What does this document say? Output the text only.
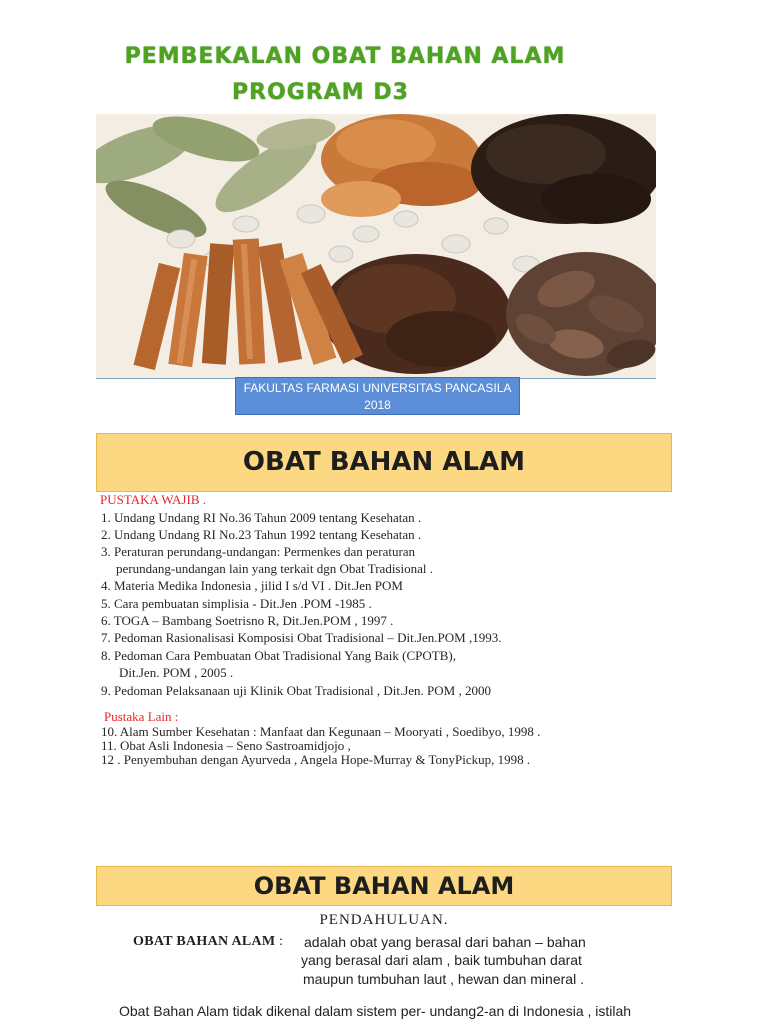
PEMBEKALAN OBAT BAHAN ALAM
PROGRAM D3
FAKULTAS FARMASI UNIVERSITAS PANCASILA
2018
OBAT BAHAN ALAM
PUSTAKA WAJIB .
1. Undang Undang RI No.36 Tahun 2009 tentang Kesehatan .
2. Undang Undang RI No.23 Tahun 1992 tentang Kesehatan .
3. Peraturan perundang-undangan: Permenkes dan peraturan
perundang-undangan lain yang terkait dgn Obat Tradisional .
4. Materia Medika Indonesia , jilid I s/d VI . Dit.Jen POM
5. Cara pembuatan simplisia - Dit.Jen .POM -1985 .
6. TOGA – Bambang Soetrisno R, Dit.Jen.POM , 1997 .
7. Pedoman Rasionalisasi Komposisi Obat Tradisional – Dit.Jen.POM ,1993.
8. Pedoman Cara Pembuatan Obat Tradisional Yang Baik (CPOTB),
Dit.Jen. POM , 2005 .
9. Pedoman Pelaksanaan uji Klinik Obat Tradisional , Dit.Jen. POM , 2000
Pustaka Lain :
10. Alam Sumber Kesehatan : Manfaat dan Kegunaan – Mooryati , Soedibyo, 1998 .
11. Obat Asli Indonesia – Seno Sastroamidjojo ,
12 . Penyembuhan dengan Ayurveda , Angela Hope-Murray & TonyPickup, 1998 .
OBAT BAHAN ALAM
PENDAHULUAN.
OBAT BAHAN ALAM : adalah obat yang berasal dari bahan – bahan
yang berasal dari alam , baik tumbuhan darat
maupun tumbuhan laut , hewan dan mineral .
Obat Bahan Alam tidak dikenal dalam sistem per- undang2-an di Indonesia , istilah
